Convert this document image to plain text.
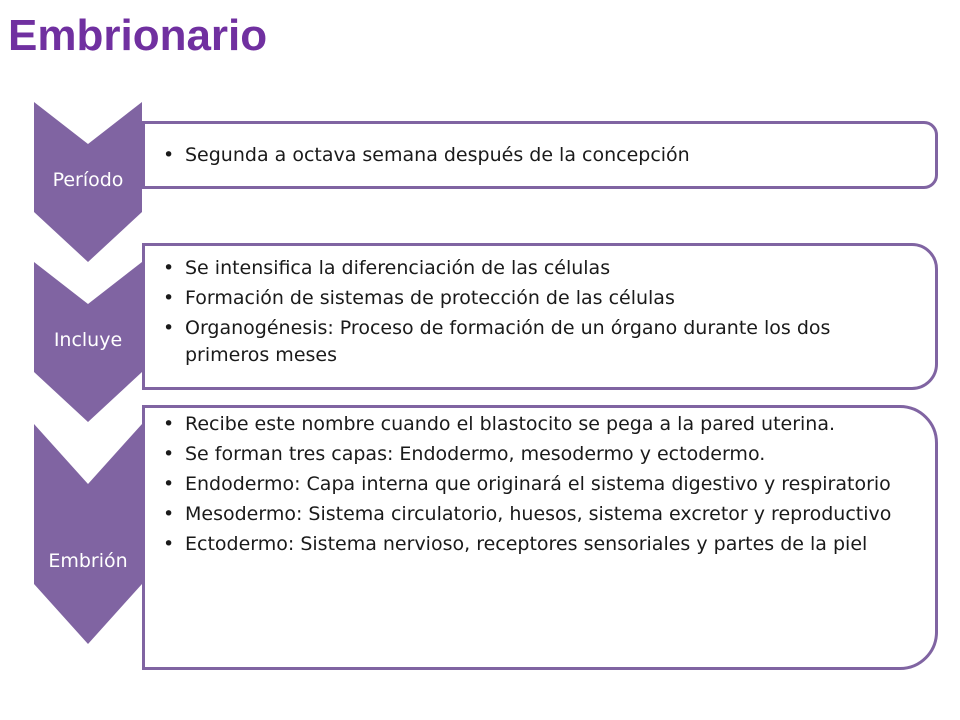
Embrionario
• Segunda a octava semana después de la concepción
Período
• Se intensifica la diferenciación de las células
• Formación de sistemas de protección de las células
• Organogénesis: Proceso de formación de un órgano durante los dos primeros meses
Incluye
• Recibe este nombre cuando el blastocito se pega a la pared uterina.
• Se forman tres capas: Endodermo, mesodermo y ectodermo.
• Endodermo: Capa interna que originará el sistema digestivo y respiratorio
• Mesodermo: Sistema circulatorio, huesos, sistema excretor y reproductivo
• Ectodermo: Sistema nervioso, receptores sensoriales y partes de la piel
Embrión
